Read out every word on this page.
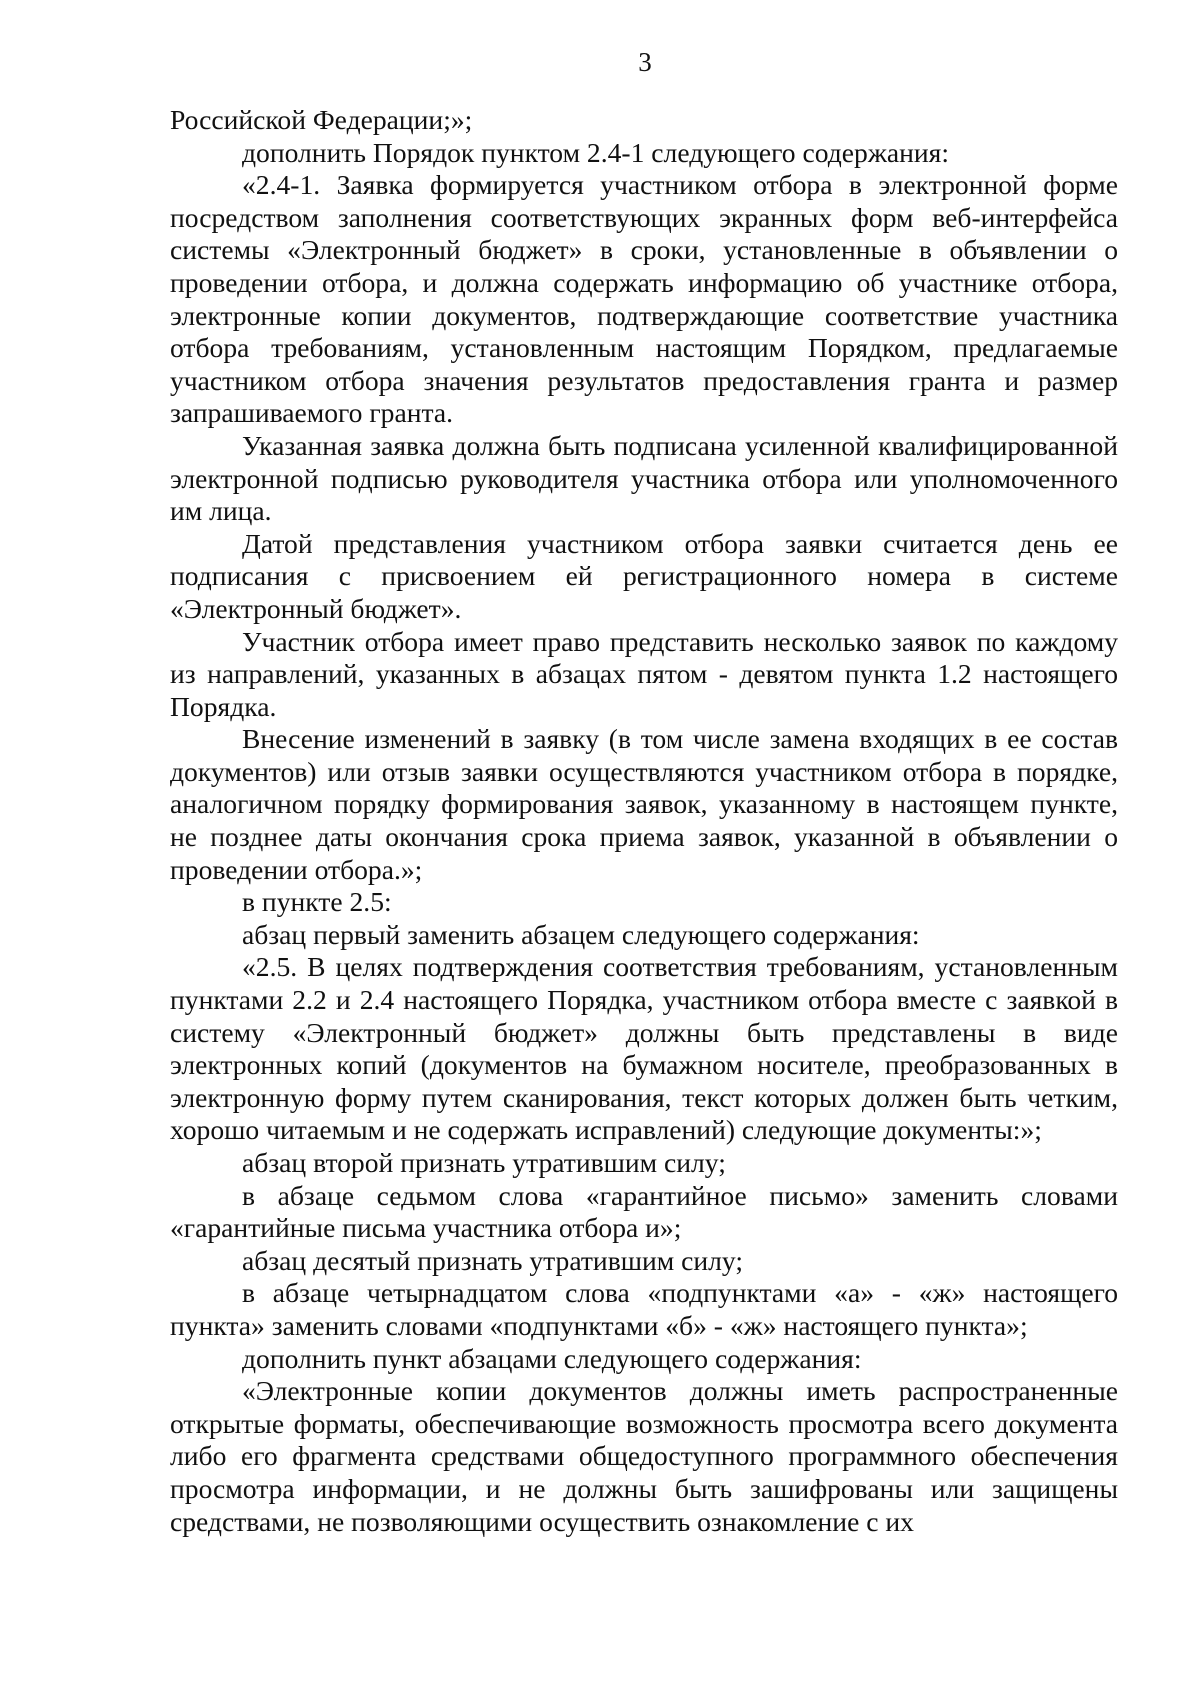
3

Российской Федерации;»;

дополнить Порядок пунктом 2.4-1 следующего содержания:

«2.4-1. Заявка формируется участником отбора в электронной форме посредством заполнения соответствующих экранных форм веб-интерфейса системы «Электронный бюджет» в сроки, установленные в объявлении о проведении отбора, и должна содержать информацию об участнике отбора, электронные копии документов, подтверждающие соответствие участника отбора требованиям, установленным настоящим Порядком, предлагаемые участником отбора значения результатов предоставления гранта и размер запрашиваемого гранта.

Указанная заявка должна быть подписана усиленной квалифицированной электронной подписью руководителя участника отбора или уполномоченного им лица.

Датой представления участником отбора заявки считается день ее подписания с присвоением ей регистрационного номера в системе «Электронный бюджет».

Участник отбора имеет право представить несколько заявок по каждому из направлений, указанных в абзацах пятом - девятом пункта 1.2 настоящего Порядка.

Внесение изменений в заявку (в том числе замена входящих в ее состав документов) или отзыв заявки осуществляются участником отбора в порядке, аналогичном порядку формирования заявок, указанному в настоящем пункте, не позднее даты окончания срока приема заявок, указанной в объявлении о проведении отбора.»;

в пункте 2.5:

абзац первый заменить абзацем следующего содержания:

«2.5. В целях подтверждения соответствия требованиям, установленным пунктами 2.2 и 2.4 настоящего Порядка, участником отбора вместе с заявкой в систему «Электронный бюджет» должны быть представлены в виде электронных копий (документов на бумажном носителе, преобразованных в электронную форму путем сканирования, текст которых должен быть четким, хорошо читаемым и не содержать исправлений) следующие документы:»;

абзац второй признать утратившим силу;

в абзаце седьмом слова «гарантийное письмо» заменить словами «гарантийные письма участника отбора и»;

абзац десятый признать утратившим силу;

в абзаце четырнадцатом слова «подпунктами «а» - «ж» настоящего пункта» заменить словами «подпунктами «б» - «ж» настоящего пункта»;

дополнить пункт абзацами следующего содержания:

«Электронные копии документов должны иметь распространенные открытые форматы, обеспечивающие возможность просмотра всего документа либо его фрагмента средствами общедоступного программного обеспечения просмотра информации, и не должны быть зашифрованы или защищены средствами, не позволяющими осуществить ознакомление с их
